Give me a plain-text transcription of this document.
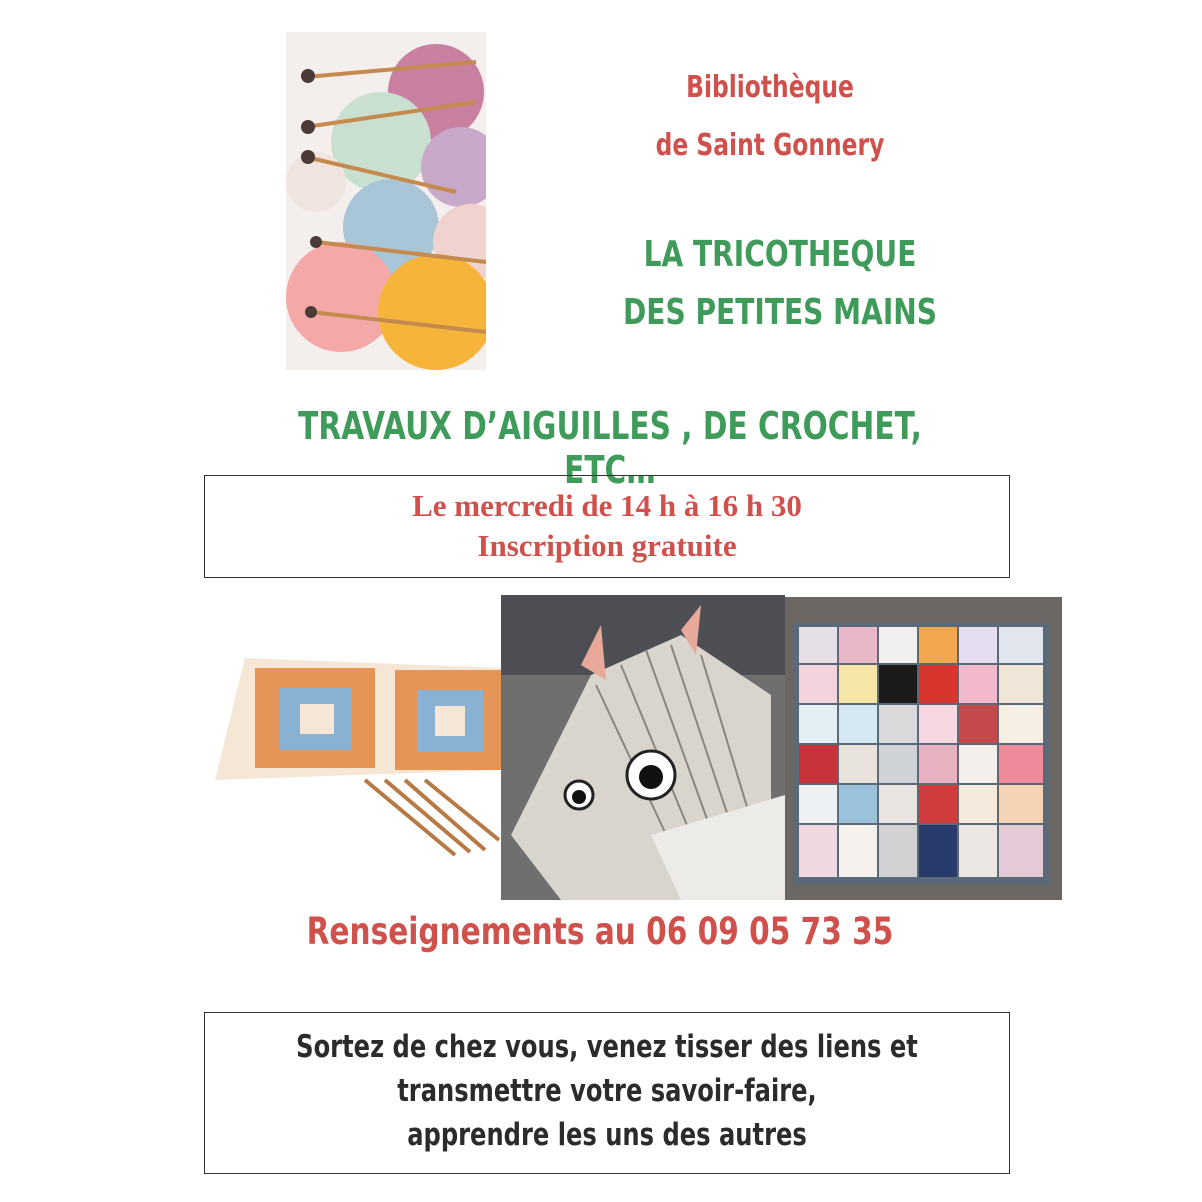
Bibliothèque
de Saint Gonnery
LA TRICOTHEQUE
DES PETITES MAINS
TRAVAUX D’AIGUILLES , DE CROCHET, ETC…
Le mercredi de 14 h à 16 h 30
Inscription gratuite
Renseignements au 06 09 05 73 35
Sortez de chez vous, venez tisser des liens et
transmettre votre savoir-faire,
apprendre les uns des autres
